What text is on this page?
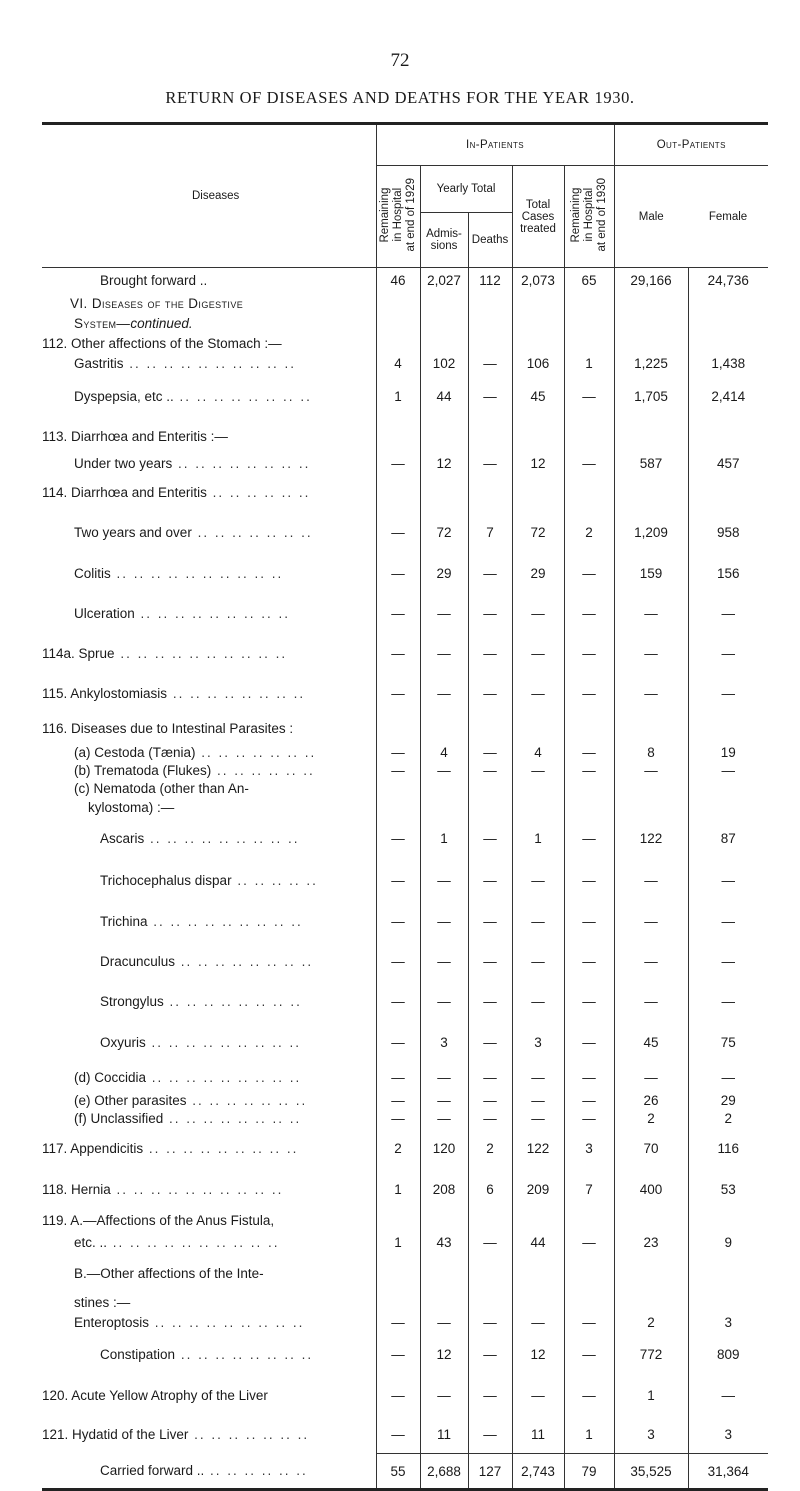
72
RETURN OF DISEASES AND DEATHS FOR THE YEAR 1930.
Diseases	In-Patients					Out-Patients	
	Remaining
in Hospital
at end of 1929	Yearly Total		Total
Cases
treated	Remaining
in Hospital
at end of 1930	Male	Female
		Admis-
sions	Deaths				
Brought forward ..	46	2,027	112	2,073	65	29,166	24,736
VI. Diseases of the Digestive							
System—continued.							
112. Other affections of the Stomach :—							
Gastritis .. .. .. .. .. .. .. .. .. ..	4	102	—	106	1	1,225	1,438
Dyspepsia, etc .. .. .. .. .. .. .. .. ..	1	44	—	45	—	1,705	2,414
113. Diarrhœa and Enteritis :—							
Under two years .. .. .. .. .. .. .. ..	—	12	—	12	—	587	457
114. Diarrhœa and Enteritis .. .. .. .. .. ..							
Two years and over .. .. .. .. .. .. ..	—	72	7	72	2	1,209	958
Colitis .. .. .. .. .. .. .. .. .. ..	—	29	—	29	—	159	156
Ulceration .. .. .. .. .. .. .. .. ..	—	—	—	—	—	—	—
114a. Sprue .. .. .. .. .. .. .. .. .. ..	—	—	—	—	—	—	—
115. Ankylostomiasis .. .. .. .. .. .. .. ..	—	—	—	—	—	—	—
116. Diseases due to Intestinal Parasites :							
(a) Cestoda (Tænia) .. .. .. .. .. .. ..	—	4	—	4	—	8	19
(b) Trematoda (Flukes) .. .. .. .. .. ..	—	—	—	—	—	—	—
(c) Nematoda (other than An-							
kylostoma) :—							
Ascaris .. .. .. .. .. .. .. .. ..	—	1	—	1	—	122	87
Trichocephalus dispar .. .. .. .. ..	—	—	—	—	—	—	—
Trichina .. .. .. .. .. .. .. .. ..	—	—	—	—	—	—	—
Dracunculus .. .. .. .. .. .. .. ..	—	—	—	—	—	—	—
Strongylus .. .. .. .. .. .. .. ..	—	—	—	—	—	—	—
Oxyuris .. .. .. .. .. .. .. .. ..	—	3	—	3	—	45	75
(d) Coccidia .. .. .. .. .. .. .. .. ..	—	—	—	—	—	—	—
(e) Other parasites .. .. .. .. .. .. ..	—	—	—	—	—	26	29
(f) Unclassified .. .. .. .. .. .. .. ..	—	—	—	—	—	2	2
117. Appendicitis .. .. .. .. .. .. .. .. ..	2	120	2	122	3	70	116
118. Hernia .. .. .. .. .. .. .. .. .. ..	1	208	6	209	7	400	53
119. A.—Affections of the Anus Fistula,							
etc. .. .. .. .. .. .. .. .. .. .. ..	1	43	—	44	—	23	9
B.—Other affections of the Inte-							
stines :—							
Enteroptosis .. .. .. .. .. .. .. .. ..	—	—	—	—	—	2	3
Constipation .. .. .. .. .. .. .. ..	—	12	—	12	—	772	809
120. Acute Yellow Atrophy of the Liver	—	—	—	—	—	1	—
121. Hydatid of the Liver .. .. .. .. .. .. ..	—	11	—	11	1	3	3
Carried forward .. .. .. .. .. .. ..	55	2,688	127	2,743	79	35,525	31,364
